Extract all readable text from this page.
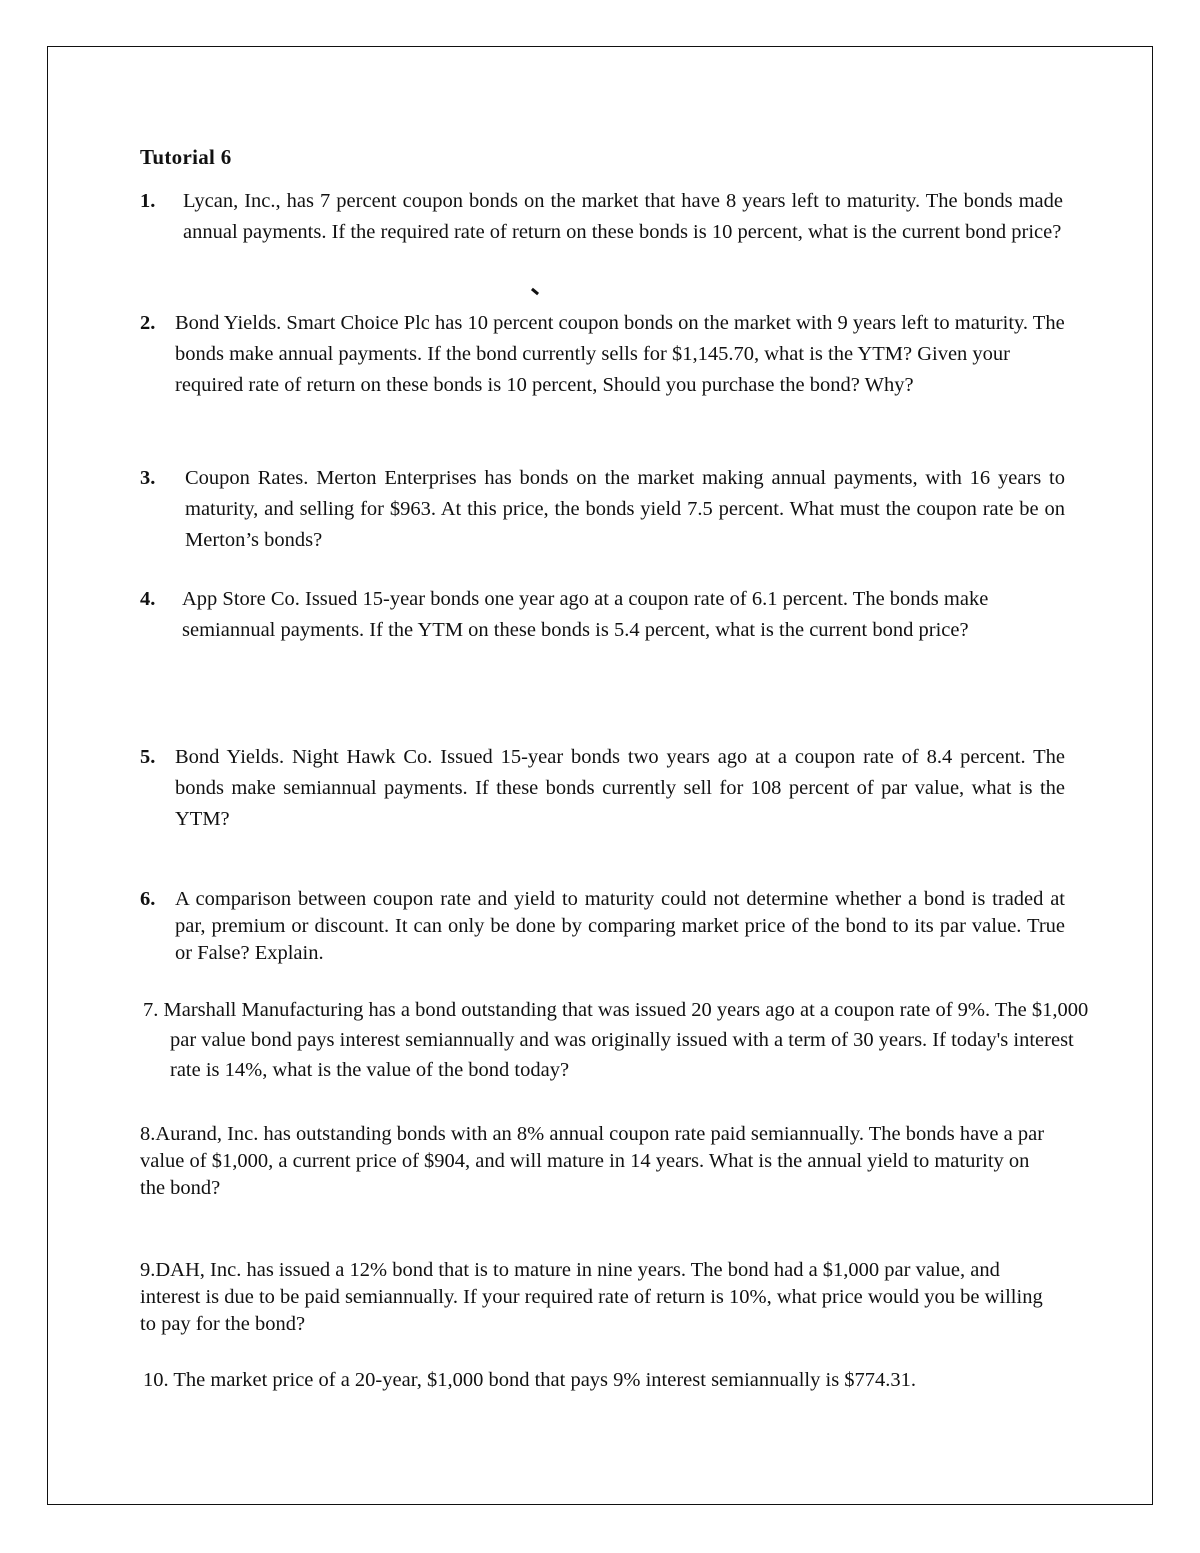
Tutorial 6
1. Lycan, Inc., has 7 percent coupon bonds on the market that have 8 years left to maturity. The bonds made annual payments. If the required rate of return on these bonds is 10 percent, what is the current bond price?
2. Bond Yields. Smart Choice Plc has 10 percent coupon bonds on the market with 9 years left to maturity. The bonds make annual payments. If the bond currently sells for $1,145.70, what is the YTM? Given your required rate of return on these bonds is 10 percent, Should you purchase the bond? Why?
3. Coupon Rates. Merton Enterprises has bonds on the market making annual payments, with 16 years to maturity, and selling for $963. At this price, the bonds yield 7.5 percent. What must the coupon rate be on Merton’s bonds?
4.	App Store Co. Issued 15-year bonds one year ago at a coupon rate of 6.1 percent. The bonds make semiannual payments. If the YTM on these bonds is 5.4 percent, what is the current bond price?
5. Bond Yields. Night Hawk Co. Issued 15-year bonds two years ago at a coupon rate of 8.4 percent. The bonds make semiannual payments. If these bonds currently sell for 108 percent of par value, what is the YTM?
6. A comparison between coupon rate and yield to maturity could not determine whether a bond is traded at par, premium or discount. It can only be done by comparing market price of the bond to its par value. True or False? Explain.
7. Marshall Manufacturing has a bond outstanding that was issued 20 years ago at a coupon rate of 9%. The $1,000 par value bond pays interest semiannually and was originally issued with a term of 30 years. If today's interest rate is 14%, what is the value of the bond today?
8.Aurand, Inc. has outstanding bonds with an 8% annual coupon rate paid semiannually. The bonds have a par value of $1,000, a current price of $904, and will mature in 14 years. What is the annual yield to maturity on the bond?
9.DAH, Inc. has issued a 12% bond that is to mature in nine years. The bond had a $1,000 par value, and interest is due to be paid semiannually. If your required rate of return is 10%, what price would you be willing to pay for the bond?
10. The market price of a 20-year, $1,000 bond that pays 9% interest semiannually is $774.31.
